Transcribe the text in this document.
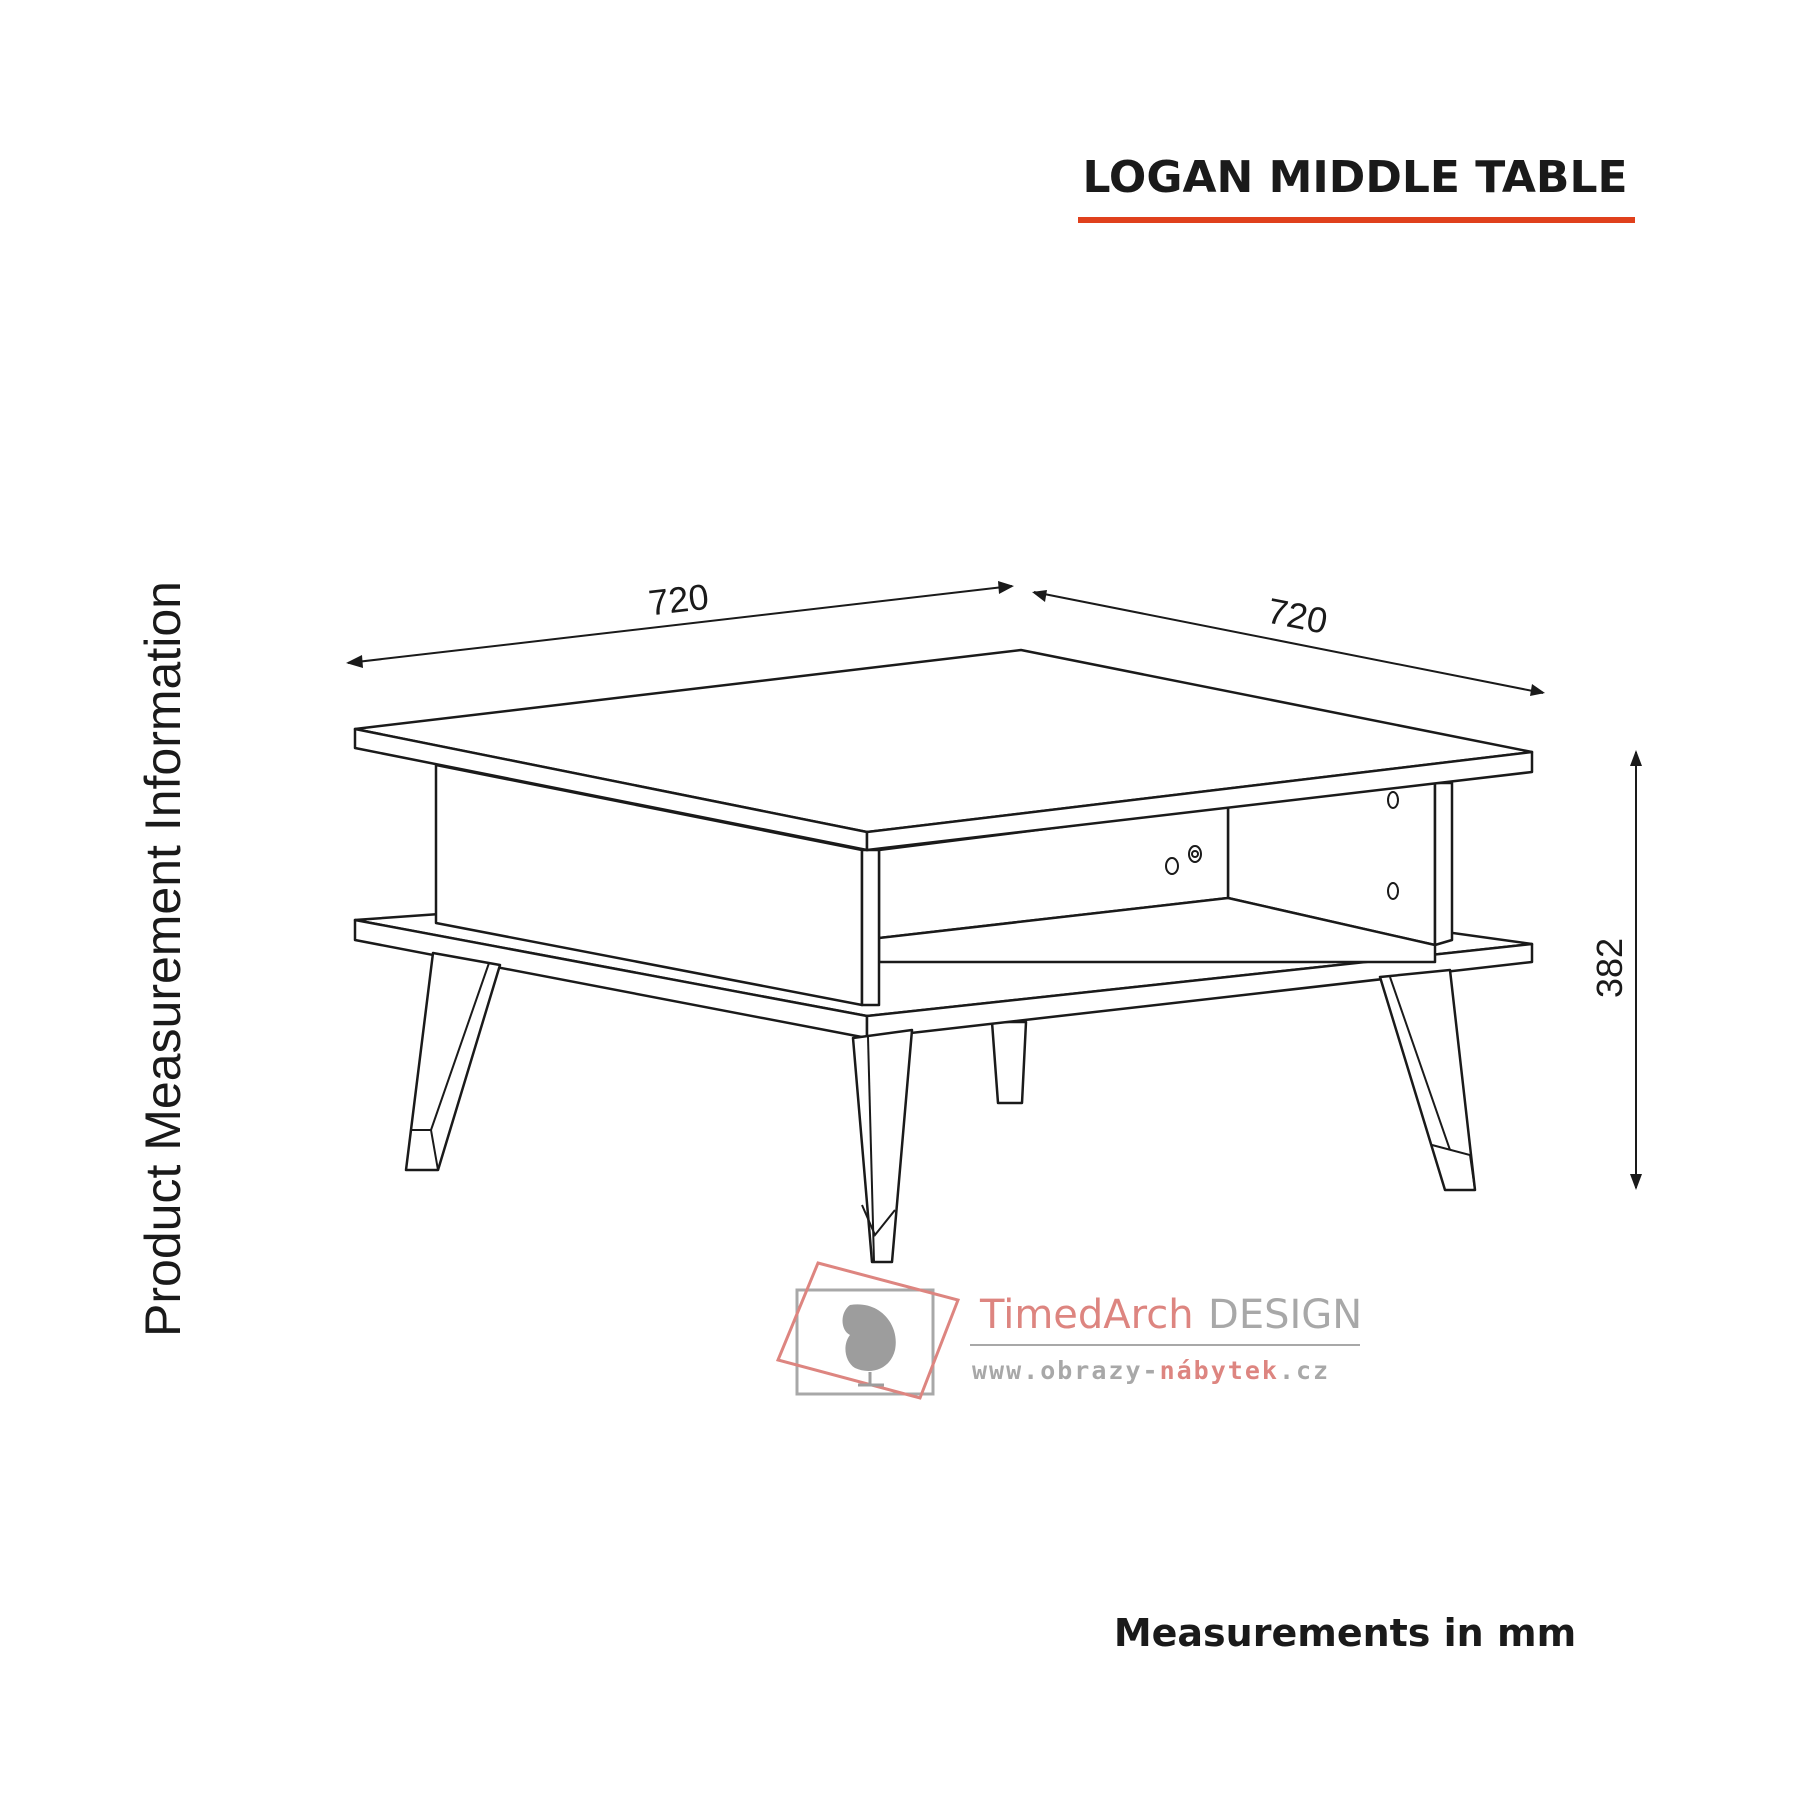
LOGAN MIDDLE TABLE
Product Measurement Information	720	720
382
TimedArch DESIGN
www.obrazy-nábytek.cz
Measurements in mm
